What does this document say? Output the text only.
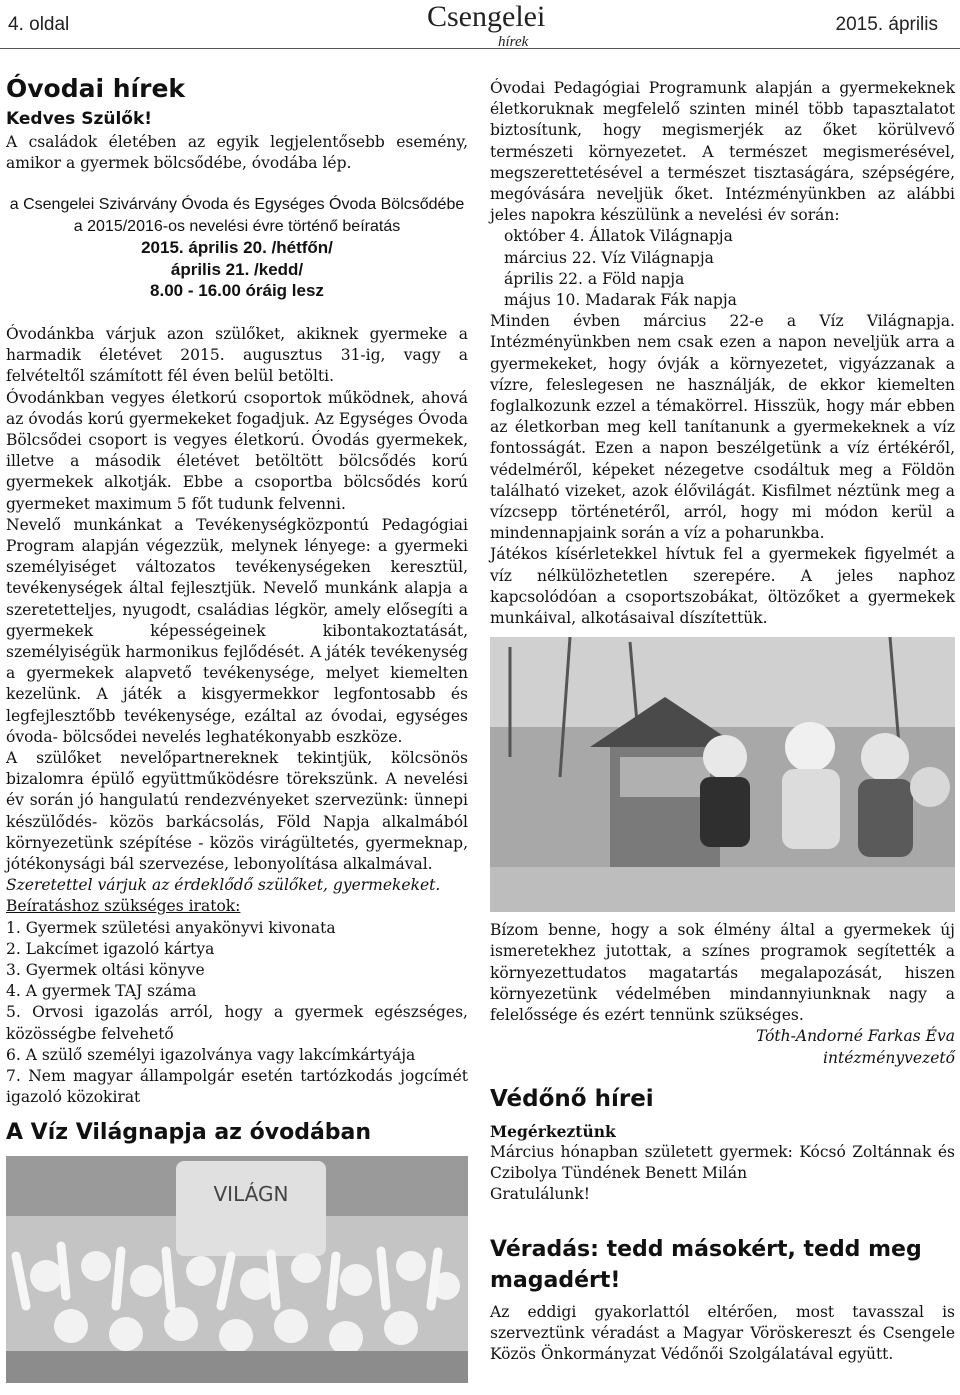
4. oldal	Csengelei
hírek
2015. április
Óvodai hírek
Kedves Szülők!

A családok életében az egyik legjelentősebb esemény, amikor a gyermek bölcsődébe, óvodába lép.

a Csengelei Szivárvány Óvoda és Egységes Óvoda Bölcsődébe
a 2015/2016-os nevelési évre történő beíratás
2015. április 20. /hétfőn/
április 21. /kedd/
8.00 - 16.00 óráig lesz

Óvodánkba várjuk azon szülőket, akiknek gyermeke a harmadik életévet 2015. augusztus 31-ig, vagy a felvételtől számított fél éven belül betölti.

Óvodánkban vegyes életkorú csoportok működnek, ahová az óvodás korú gyermekeket fogadjuk. Az Egységes Óvoda Bölcsődei csoport is vegyes életkorú. Óvodás gyermekek, illetve a második életévet betöltött bölcsődés korú gyermekek alkotják. Ebbe a csoportba bölcsődés korú gyermeket maximum 5 főt tudunk felvenni.

Nevelő munkánkat a Tevékenységközpontú Pedagógiai Program alapján végezzük, melynek lényege: a gyermeki személyiséget változatos tevékenységeken keresztül, tevékenységek által fejlesztjük. Nevelő munkánk alapja a szeretetteljes, nyugodt, családias légkör, amely elősegíti a gyermekek képességeinek kibontakoztatását, személyiségük harmonikus fejlődését. A játék tevékenység a gyermekek alapvető tevékenysége, melyet kiemelten kezelünk. A játék a kisgyermekkor legfontosabb és legfejlesztőbb tevékenysége, ezáltal az óvodai, egységes óvoda- bölcsődei nevelés leghatékonyabb eszköze.

A szülőket nevelőpartnereknek tekintjük, kölcsönös bizalomra épülő együttműködésre törekszünk. A nevelési év során jó hangulatú rendezvényeket szervezünk: ünnepi készülődés- közös barkácsolás, Föld Napja alkalmából környezetünk szépítése - közös virágültetés, gyermeknap, jótékonysági bál szervezése, lebonyolítása alkalmával.

Szeretettel várjuk az érdeklődő szülőket, gyermekeket.

Beíratáshoz szükséges iratok:

1. Gyermek születési anyakönyvi kivonata

2. Lakcímet igazoló kártya

3. Gyermek oltási könyve

4. A gyermek TAJ száma

5. Orvosi igazolás arról, hogy a gyermek egészséges, közösségbe felvehető

6. A szülő személyi igazolványa vagy lakcímkártyája

7. Nem magyar állampolgár esetén tartózkodás jogcímét igazoló közokirat

A Víz Világnapja az óvodában
VILÁGN

Óvodai Pedagógiai Programunk alapján a gyermekeknek életkoruknak megfelelő szinten minél több tapasztalatot biztosítunk, hogy megismerjék az őket körülvevő természeti környezetet. A természet megismerésével, megszerettetésével a természet tisztaságára, szépségére, megóvására neveljük őket. Intézményünkben az alábbi jeles napokra készülünk a nevelési év során:

október 4. Állatok Világnapja
március 22. Víz Világnapja
április 22. a Föld napja
május 10. Madarak Fák napja

Minden évben március 22-e a Víz Világnapja. Intézményünkben nem csak ezen a napon neveljük arra a gyermekeket, hogy óvják a környezetet, vigyázzanak a vízre, feleslegesen ne használják, de ekkor kiemelten foglalkozunk ezzel a témakörrel. Hisszük, hogy már ebben az életkorban meg kell tanítanunk a gyermekeknek a víz fontosságát. Ezen a napon beszélgetünk a víz értékéről, védelméről, képeket nézegetve csodáltuk meg a Földön található vizeket, azok élővilágát. Kisfilmet néztünk meg a vízcsepp történetéről, arról, hogy mi módon kerül a mindennapjaink során a víz a poharunkba.

Játékos kísérletekkel hívtuk fel a gyermekek figyelmét a víz nélkülözhetetlen szerepére. A jeles naphoz kapcsolódóan a csoportszobákat, öltözőket a gyermekek munkáival, alkotásaival díszítettük.

Bízom benne, hogy a sok élmény által a gyermekek új ismeretekhez jutottak, a színes programok segítették a környezettudatos magatartás megalapozását, hiszen környezetünk védelmében mindannyiunknak nagy a felelőssége és ezért tennünk szükséges.

Tóth-Andorné Farkas Éva
intézményvezető
Védőnő hírei
Megérkeztünk

Március hónapban született gyermek: Kócsó Zoltánnak és Czibolya Tündének Benett Milán

Gratulálunk!

Véradás: tedd másokért, tedd meg magadért!

Az eddigi gyakorlattól eltérően, most tavasszal is szerveztünk véradást a Magyar Vöröskereszt és Csengele Közös Önkormányzat Védőnői Szolgálatával együtt.
